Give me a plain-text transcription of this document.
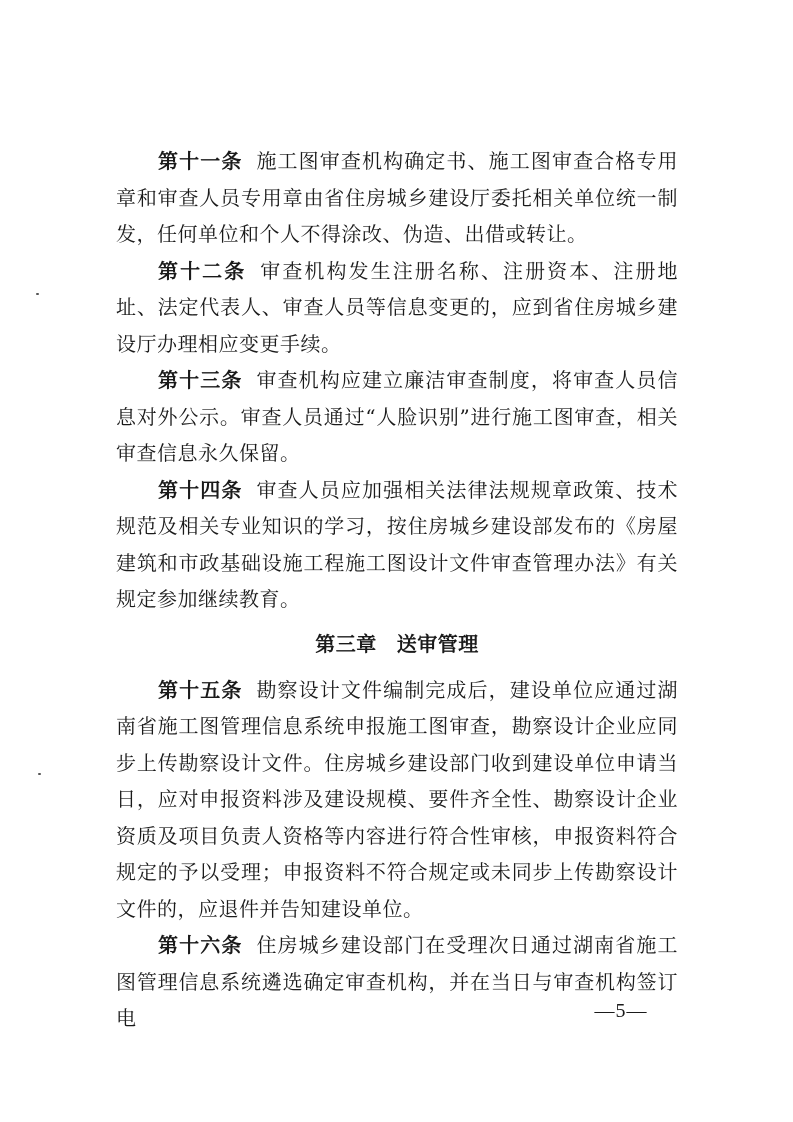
第十一条 施工图审查机构确定书、施工图审查合格专用章和审查人员专用章由省住房城乡建设厅委托相关单位统一制发，任何单位和个人不得涂改、伪造、出借或转让。

第十二条 审查机构发生注册名称、注册资本、注册地址、法定代表人、审查人员等信息变更的，应到省住房城乡建设厅办理相应变更手续。

第十三条 审查机构应建立廉洁审查制度，将审查人员信息对外公示。审查人员通过“人脸识别”进行施工图审查，相关审查信息永久保留。

第十四条 审查人员应加强相关法律法规规章政策、技术规范及相关专业知识的学习，按住房城乡建设部发布的《房屋建筑和市政基础设施工程施工图设计文件审查管理办法》有关规定参加继续教育。

第三章 送审管理

第十五条 勘察设计文件编制完成后，建设单位应通过湖南省施工图管理信息系统申报施工图审查，勘察设计企业应同步上传勘察设计文件。住房城乡建设部门收到建设单位申请当日，应对申报资料涉及建设规模、要件齐全性、勘察设计企业资质及项目负责人资格等内容进行符合性审核，申报资料符合规定的予以受理；申报资料不符合规定或未同步上传勘察设计文件的，应退件并告知建设单位。

第十六条 住房城乡建设部门在受理次日通过湖南省施工图管理信息系统遴选确定审查机构，并在当日与审查机构签订电	—5—
